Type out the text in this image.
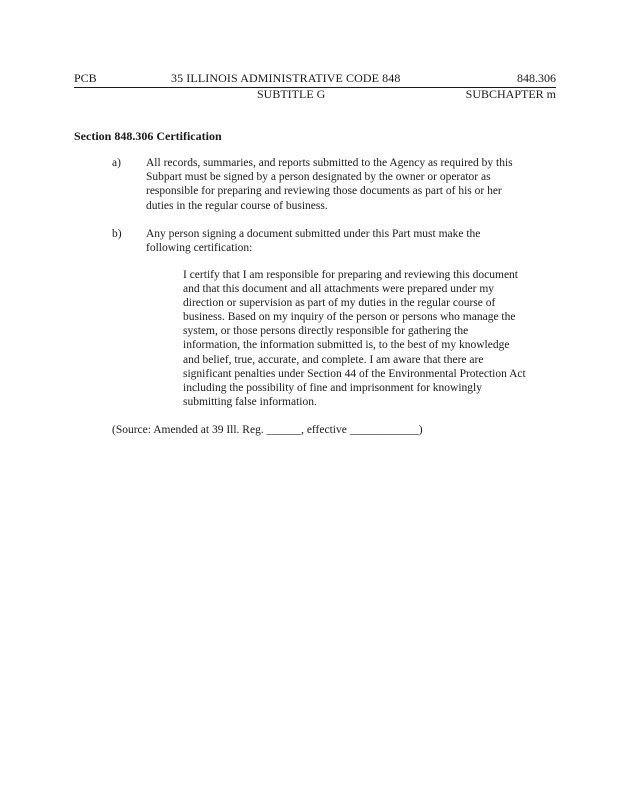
PCB	35 ILLINOIS ADMINISTRATIVE CODE 848	848.306
SUBTITLE G	SUBCHAPTER m
Section 848.306 Certification
a) All records, summaries, and reports submitted to the Agency as required by this
Subpart must be signed by a person designated by the owner or operator as
responsible for preparing and reviewing those documents as part of his or her
duties in the regular course of business.
b) Any person signing a document submitted under this Part must make the
following certification:
I certify that I am responsible for preparing and reviewing this document
and that this document and all attachments were prepared under my
direction or supervision as part of my duties in the regular course of
business. Based on my inquiry of the person or persons who manage the
system, or those persons directly responsible for gathering the
information, the information submitted is, to the best of my knowledge
and belief, true, accurate, and complete. I am aware that there are
significant penalties under Section 44 of the Environmental Protection Act
including the possibility of fine and imprisonment for knowingly
submitting false information.
(Source: Amended at 39 Ill. Reg. ______, effective ____________)
